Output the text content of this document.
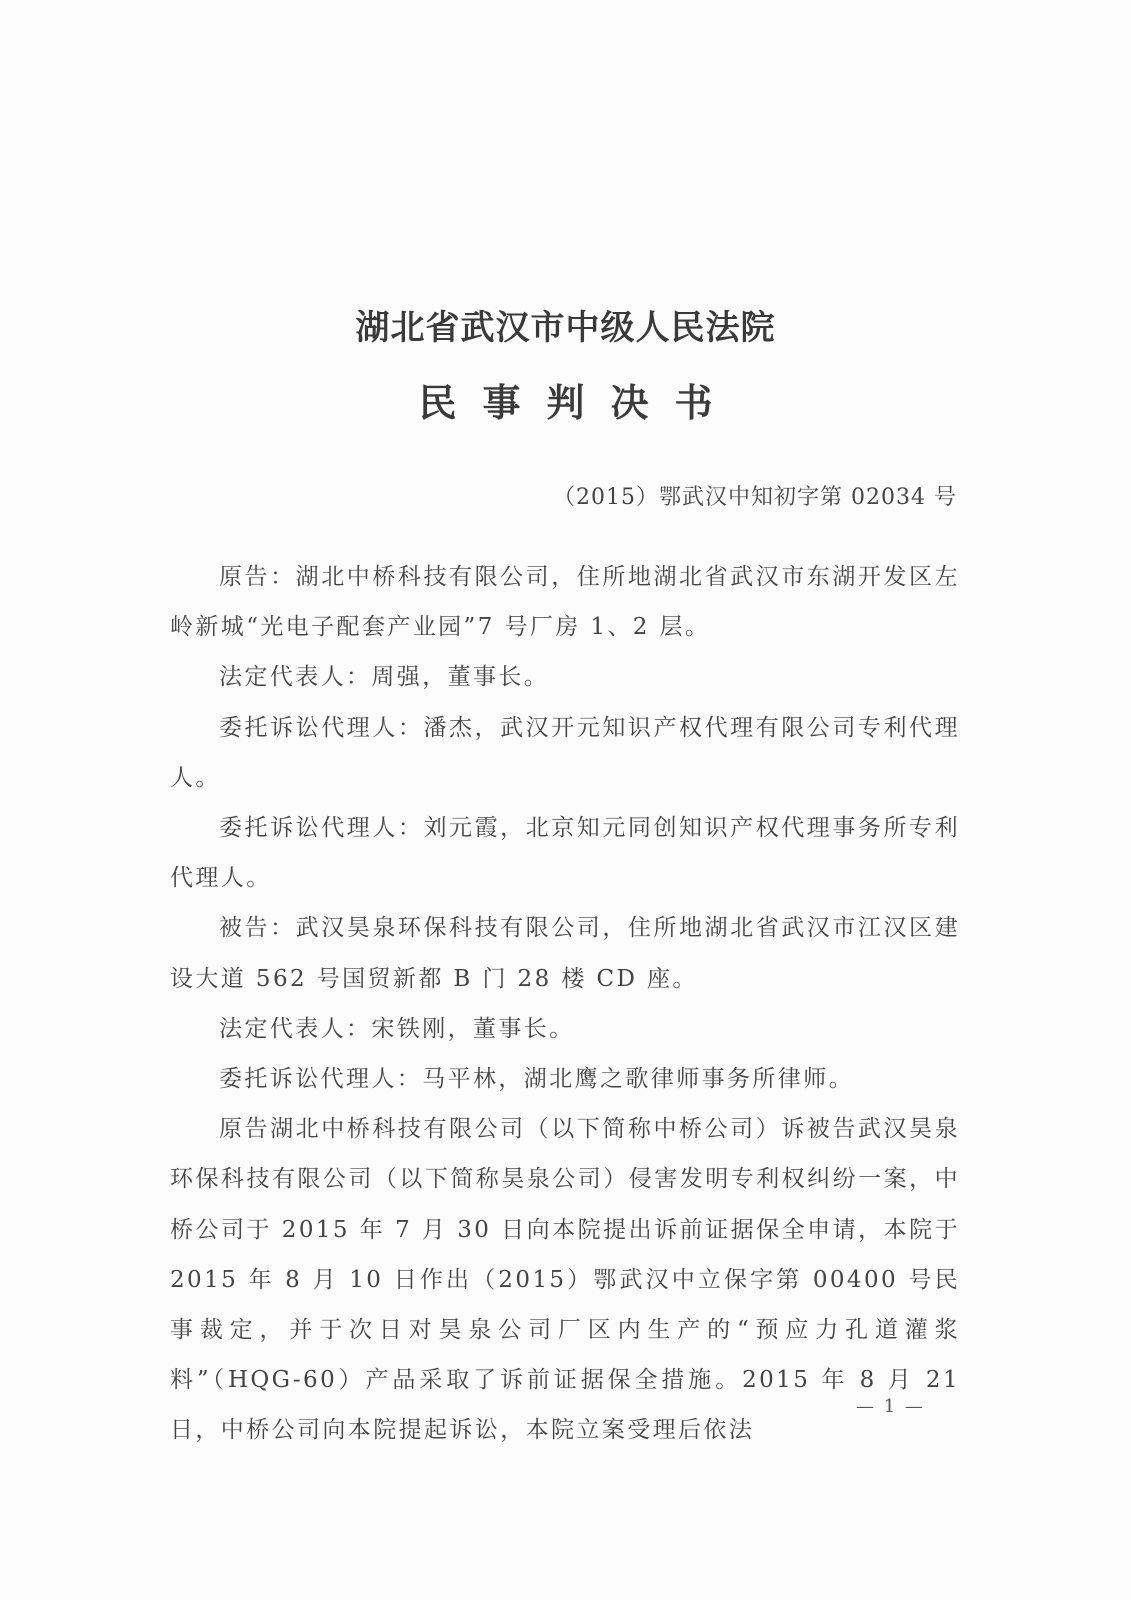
湖北省武汉市中级人民法院
民事判决书
（2015）鄂武汉中知初字第 02034 号

原告：湖北中桥科技有限公司，住所地湖北省武汉市东湖开发区左岭新城“光电子配套产业园”7 号厂房 1、2 层。

法定代表人：周强，董事长。

委托诉讼代理人：潘杰，武汉开元知识产权代理有限公司专利代理人。

委托诉讼代理人：刘元霞，北京知元同创知识产权代理事务所专利代理人。

被告：武汉昊泉环保科技有限公司，住所地湖北省武汉市江汉区建设大道 562 号国贸新都 B 门 28 楼 CD 座。

法定代表人：宋铁刚，董事长。

委托诉讼代理人：马平林，湖北鹰之歌律师事务所律师。

原告湖北中桥科技有限公司（以下简称中桥公司）诉被告武汉昊泉环保科技有限公司（以下简称昊泉公司）侵害发明专利权纠纷一案，中桥公司于 2015 年 7 月 30 日向本院提出诉前证据保全申请，本院于 2015 年 8 月 10 日作出（2015）鄂武汉中立保字第 00400 号民事裁定，并于次日对昊泉公司厂区内生产的“预应力孔道灌浆料”（HQG-60）产品采取了诉前证据保全措施。2015 年 8 月 21 日，中桥公司向本院提起诉讼，本院立案受理后依法

— 1 —
